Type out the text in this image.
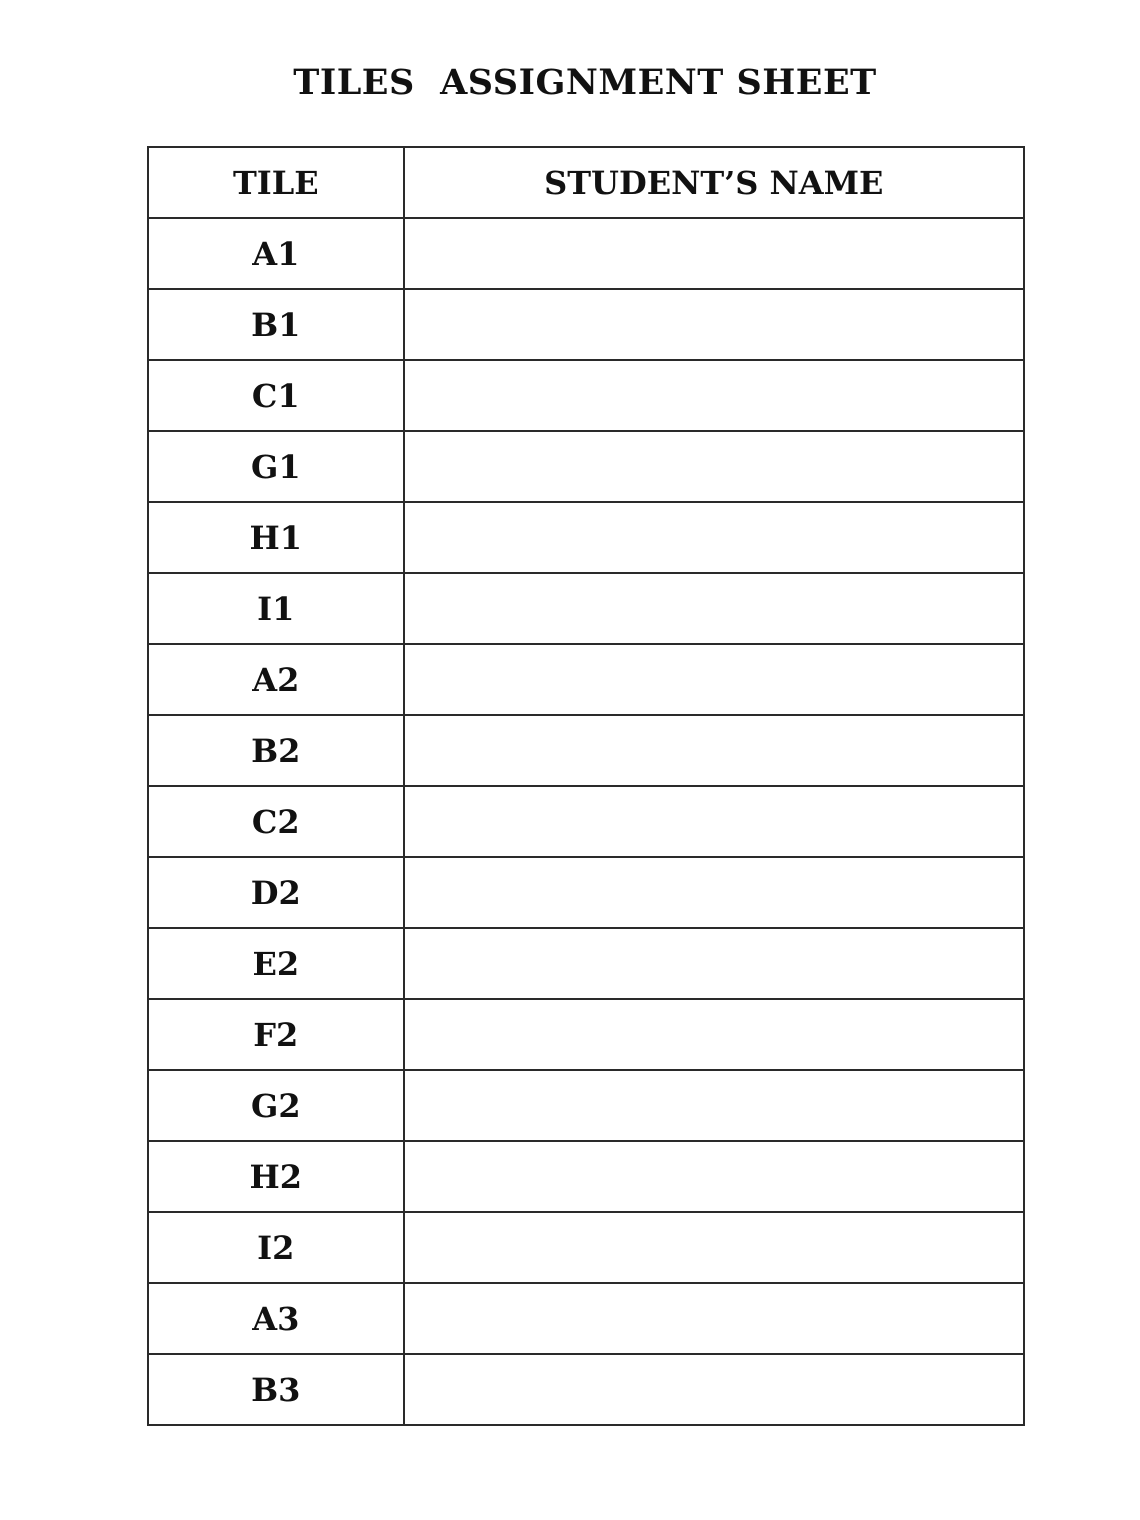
TILES  ASSIGNMENT SHEET
TILE	STUDENT’S NAME
A1	
B1	
C1	
G1	
H1	
I1	
A2	
B2	
C2	
D2	
E2	
F2	
G2	
H2	
I2	
A3	
B3	
